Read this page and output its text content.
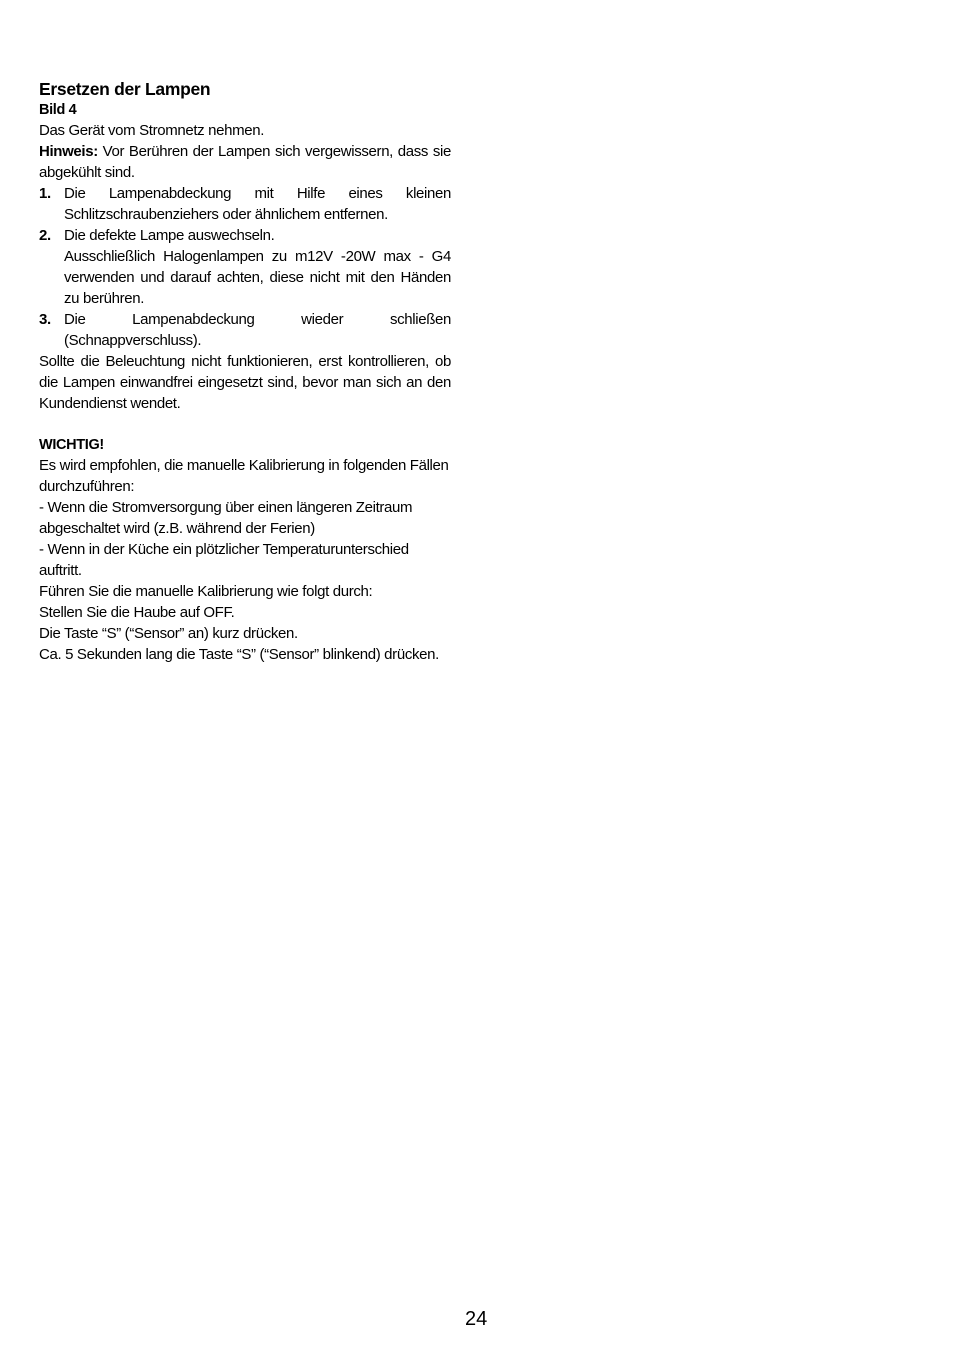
Ersetzen der Lampen
Bild 4

Das Gerät vom Stromnetz nehmen.

Hinweis: Vor Berühren der Lampen sich vergewissern, dass sie abgekühlt sind.

1. Die Lampenabdeckung mit Hilfe eines kleinen Schlitzschraubenziehers oder ähnlichem entfernen.
2. Die defekte Lampe auswechseln.
Ausschließlich Halogenlampen zu m12V -20W max - G4 verwenden und darauf achten, diese nicht mit den Händen zu berühren.
3. Die Lampenabdeckung wieder schließen (Schnappverschluss).

Sollte die Beleuchtung nicht funktionieren, erst kontrollieren, ob die Lampen einwandfrei eingesetzt sind, bevor man sich an den Kundendienst wendet.

WICHTIG!
Es wird empfohlen, die manuelle Kalibrierung in folgenden Fällen durchzuführen:
- Wenn die Stromversorgung über einen längeren Zeitraum abgeschaltet wird (z.B. während der Ferien)
- Wenn in der Küche ein plötzlicher Temperaturunterschied auftritt.
Führen Sie die manuelle Kalibrierung wie folgt durch:
Stellen Sie die Haube auf OFF.
Die Taste “S” (“Sensor” an) kurz drücken.
Ca. 5 Sekunden lang die Taste “S” (“Sensor” blinkend) drücken.
24
